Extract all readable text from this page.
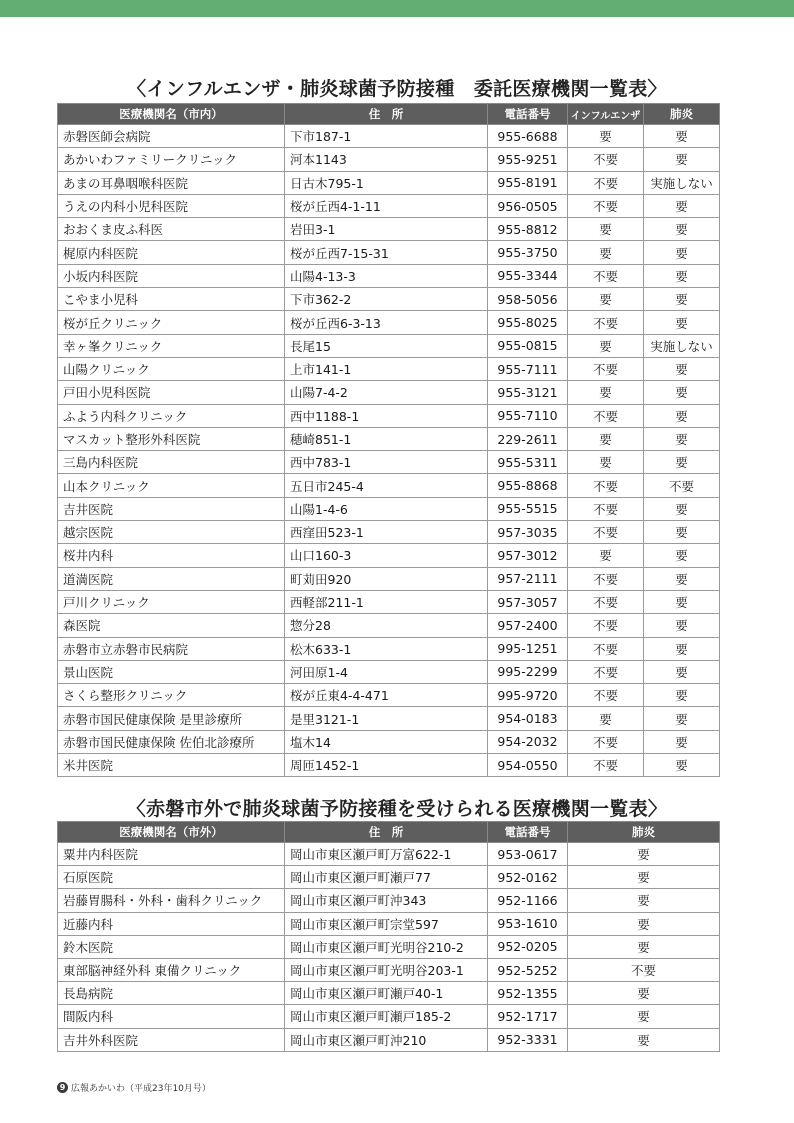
〈インフルエンザ・肺炎球菌予防接種　委託医療機関一覧表〉
医療機関名（市内）	住　所	電話番号	インフルエンザ	肺炎
赤磐医師会病院	下市187-1	955-6688	要	要
あかいわファミリークリニック	河本1143	955-9251	不要	要
あまの耳鼻咽喉科医院	日古木795-1	955-8191	不要	実施しない
うえの内科小児科医院	桜が丘西4-1-11	956-0505	不要	要
おおくま皮ふ科医	岩田3-1	955-8812	要	要
梶原内科医院	桜が丘西7-15-31	955-3750	要	要
小坂内科医院	山陽4-13-3	955-3344	不要	要
こやま小児科	下市362-2	958-5056	要	要
桜が丘クリニック	桜が丘西6-3-13	955-8025	不要	要
幸ヶ峯クリニック	長尾15	955-0815	要	実施しない
山陽クリニック	上市141-1	955-7111	不要	要
戸田小児科医院	山陽7-4-2	955-3121	要	要
ふよう内科クリニック	西中1188-1	955-7110	不要	要
マスカット整形外科医院	穂崎851-1	229-2611	要	要
三島内科医院	西中783-1	955-5311	要	要
山本クリニック	五日市245-4	955-8868	不要	不要
吉井医院	山陽1-4-6	955-5515	不要	要
越宗医院	西窪田523-1	957-3035	不要	要
桜井内科	山口160-3	957-3012	要	要
道満医院	町苅田920	957-2111	不要	要
戸川クリニック	西軽部211-1	957-3057	不要	要
森医院	惣分28	957-2400	不要	要
赤磐市立赤磐市民病院	松木633-1	995-1251	不要	要
景山医院	河田原1-4	995-2299	不要	要
さくら整形クリニック	桜が丘東4-4-471	995-9720	不要	要
赤磐市国民健康保険 是里診療所	是里3121-1	954-0183	要	要
赤磐市国民健康保険 佐伯北診療所	塩木14	954-2032	不要	要
米井医院	周匝1452-1	954-0550	不要	要
〈赤磐市外で肺炎球菌予防接種を受けられる医療機関一覧表〉
医療機関名（市外）	住　所	電話番号	肺炎
粟井内科医院	岡山市東区瀬戸町万富622-1	953-0617	要
石原医院	岡山市東区瀬戸町瀬戸77	952-0162	要
岩藤胃腸科・外科・歯科クリニック	岡山市東区瀬戸町沖343	952-1166	要
近藤内科	岡山市東区瀬戸町宗堂597	953-1610	要
鈴木医院	岡山市東区瀬戸町光明谷210-2	952-0205	要
東部脳神経外科 東備クリニック	岡山市東区瀬戸町光明谷203-1	952-5252	不要
長島病院	岡山市東区瀬戸町瀬戸40-1	952-1355	要
間阪内科	岡山市東区瀬戸町瀬戸185-2	952-1717	要
吉井外科医院	岡山市東区瀬戸町沖210	952-3331	要
9 広報あかいわ（平成23年10月号）
